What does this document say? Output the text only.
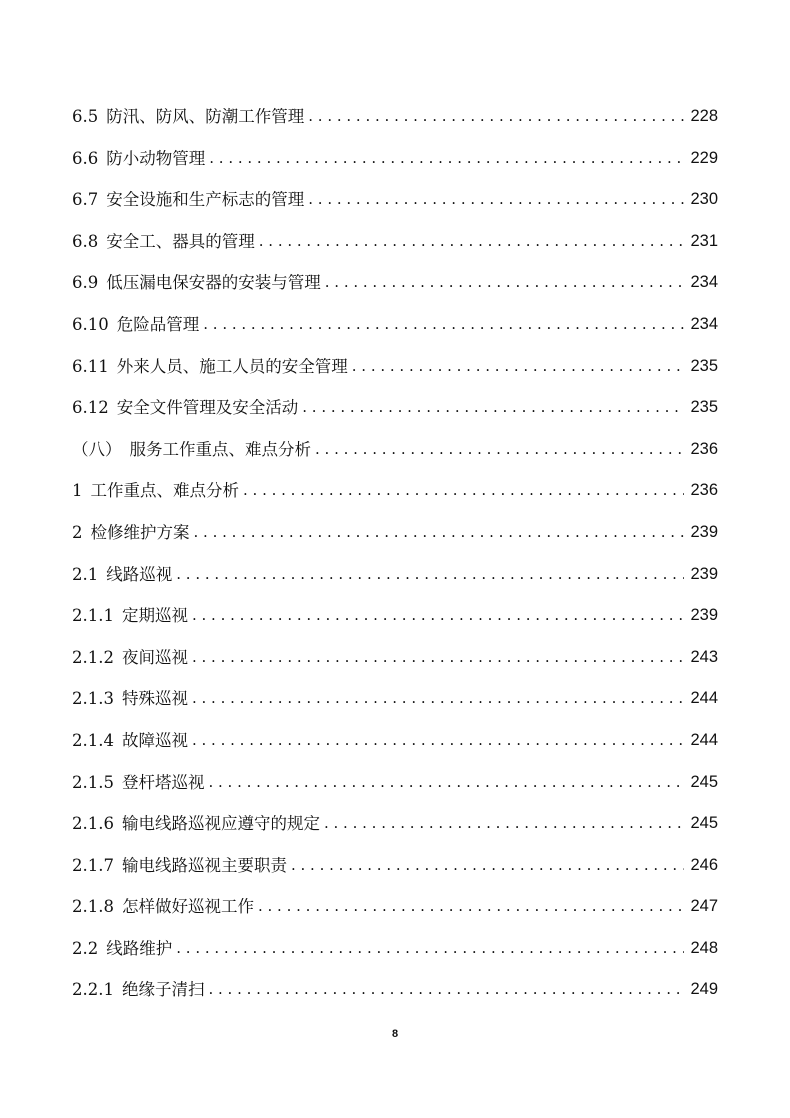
6.5 防汛、防风、防潮工作管理 . . .	228
6.6 防小动物管理 . . .	229
6.7 安全设施和生产标志的管理 . . .	230
6.8 安全工、器具的管理 . . .	231
6.9 低压漏电保安器的安装与管理 . . .	234
6.10 危险品管理 . . .	234
6.11 外来人员、施工人员的安全管理 . . .	235
6.12 安全文件管理及安全活动 . . .	235
（八） 服务工作重点、难点分析 . . .	236
1 工作重点、难点分析 . . .	236
2 检修维护方案 . . .	239
2.1 线路巡视 . . .	239
2.1.1 定期巡视 . . .	239
2.1.2 夜间巡视 . . .	243
2.1.3 特殊巡视 . . .	244
2.1.4 故障巡视 . . .	244
2.1.5 登杆塔巡视 . . .	245
2.1.6 输电线路巡视应遵守的规定 . . .	245
2.1.7 输电线路巡视主要职责 . . .	246
2.1.8 怎样做好巡视工作 . . .	247
2.2 线路维护 . . .	248
2.2.1 绝缘子清扫 . . .	249
8
